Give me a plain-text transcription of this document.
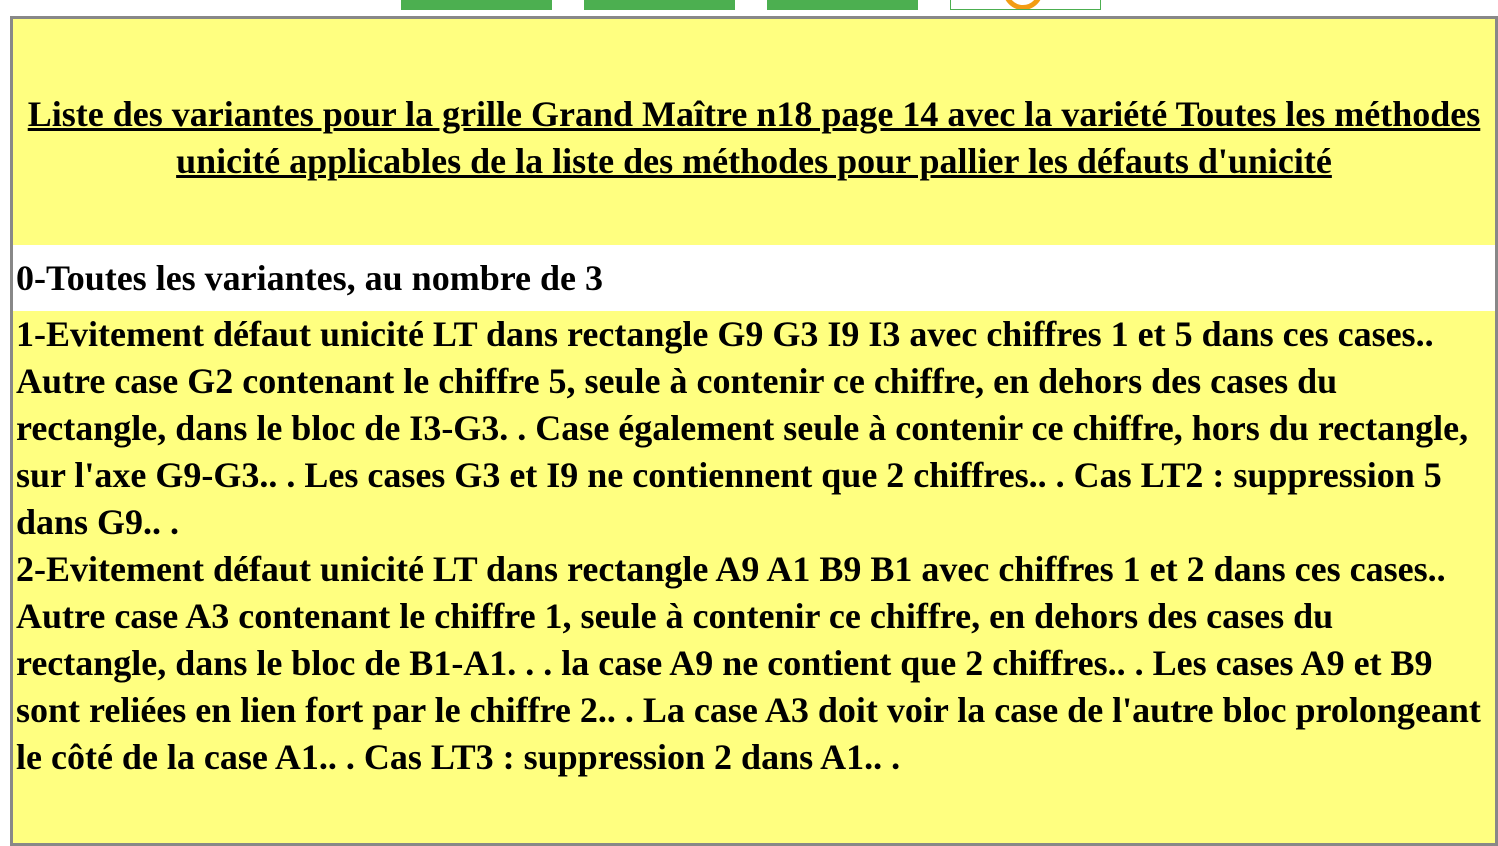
Liste des variantes pour la grille Grand Maître n18 page 14 avec la variété Toutes les méthodes unicité applicables de la liste des méthodes pour pallier les défauts d'unicité
0-Toutes les variantes, au nombre de 3
1-Evitement défaut unicité LT dans rectangle G9 G3 I9 I3 avec chiffres 1 et 5 dans ces cases.. Autre case G2 contenant le chiffre 5, seule à contenir ce chiffre, en dehors des cases du rectangle, dans le bloc de I3-G3. . Case également seule à contenir ce chiffre, hors du rectangle, sur l'axe G9-G3.. . Les cases G3 et I9 ne contiennent que 2 chiffres.. . Cas LT2 : suppression 5 dans G9.. .
2-Evitement défaut unicité LT dans rectangle A9 A1 B9 B1 avec chiffres 1 et 2 dans ces cases.. Autre case A3 contenant le chiffre 1, seule à contenir ce chiffre, en dehors des cases du rectangle, dans le bloc de B1-A1. . . la case A9 ne contient que 2 chiffres.. . Les cases A9 et B9 sont reliées en lien fort par le chiffre 2.. . La case A3 doit voir la case de l'autre bloc prolongeant le côté de la case A1.. . Cas LT3 : suppression 2 dans A1.. .
